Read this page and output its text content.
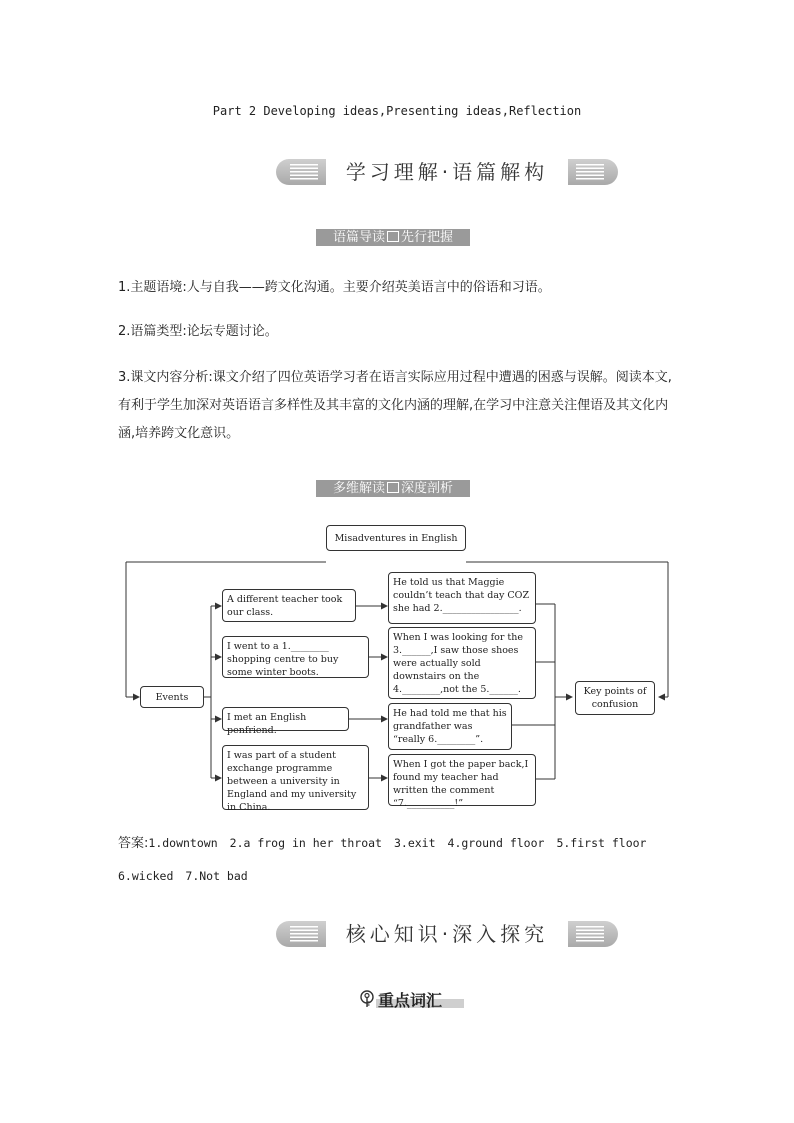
Part 2 Developing ideas,Presenting ideas,Reflection
学习理解·语篇解构
语篇导读 先行把握
1.主题语境:人与自我——跨文化沟通。主要介绍英美语言中的俗语和习语。
2.语篇类型:论坛专题讨论。
3.课文内容分析:课文介绍了四位英语学习者在语言实际应用过程中遭遇的困惑与误解。阅读本文,有利于学生加深对英语语言多样性及其丰富的文化内涵的理解,在学习中注意关注俚语及其文化内涵,培养跨文化意识。
多维解读 深度剖析
Misadventures in English
Events	Key points of confusion
A different teacher took our class.
I went to a 1.________ shopping centre to buy some winter boots.
I met an English penfriend.
I was part of a student exchange programme between a university in England and my university in China.
He told us that Maggie couldn’t teach that day COZ she had 2.________________.
When I was looking for the 3.______,I saw those shoes were actually sold downstairs on the 4.________,not the 5.______.
He had told me that his grandfather was “really 6.________”.
When I got the paper back,I found my teacher had written the comment “7.__________!”
答案:1.downtown 2.a frog in her throat 3.exit 4.ground floor 5.first floor
6.wicked 7.Not bad
核心知识·深入探究
重点词汇
